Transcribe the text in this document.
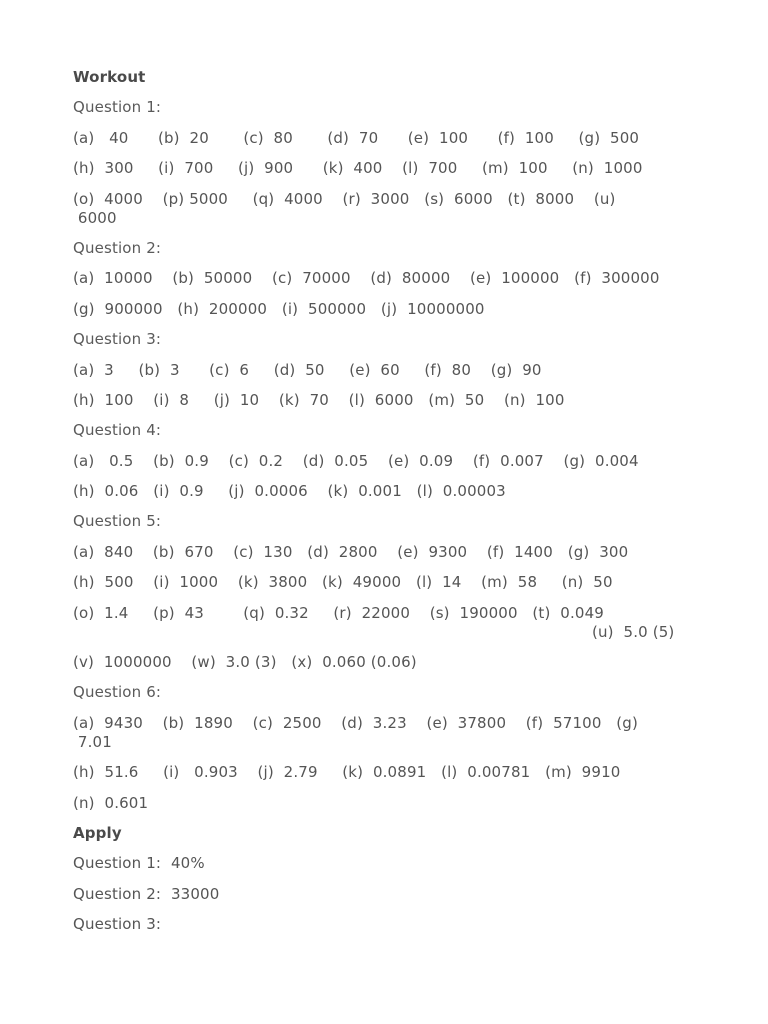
Workout
Question 1:
(a)   40      (b)  20       (c)  80       (d)  70      (e)  100      (f)  100     (g)  500
(h)  300     (i)  700     (j)  900      (k)  400    (l)  700     (m)  100     (n)  1000
(o)  4000    (p) 5000     (q)  4000    (r)  3000   (s)  6000   (t)  8000    (u)
6000
Question 2:
(a)  10000    (b)  50000    (c)  70000    (d)  80000    (e)  100000   (f)  300000
(g)  900000   (h)  200000   (i)  500000   (j)  10000000
Question 3:
(a)  3     (b)  3      (c)  6     (d)  50     (e)  60     (f)  80    (g)  90
(h)  100    (i)  8     (j)  10    (k)  70    (l)  6000   (m)  50    (n)  100
Question 4:
(a)   0.5    (b)  0.9    (c)  0.2    (d)  0.05    (e)  0.09    (f)  0.007    (g)  0.004
(h)  0.06   (i)  0.9     (j)  0.0006    (k)  0.001   (l)  0.00003
Question 5:
(a)  840    (b)  670    (c)  130   (d)  2800    (e)  9300    (f)  1400   (g)  300
(h)  500    (i)  1000    (k)  3800   (k)  49000   (l)  14    (m)  58     (n)  50
(o)  1.4     (p)  43        (q)  0.32     (r)  22000    (s)  190000   (t)  0.049
(u)  5.0 (5)
(v)  1000000    (w)  3.0 (3)   (x)  0.060 (0.06)
Question 6:
(a)  9430    (b)  1890    (c)  2500    (d)  3.23    (e)  37800    (f)  57100   (g)
7.01
(h)  51.6     (i)   0.903    (j)  2.79     (k)  0.0891   (l)  0.00781   (m)  9910
(n)  0.601
Apply
Question 1:  40%
Question 2:  33000
Question 3:
